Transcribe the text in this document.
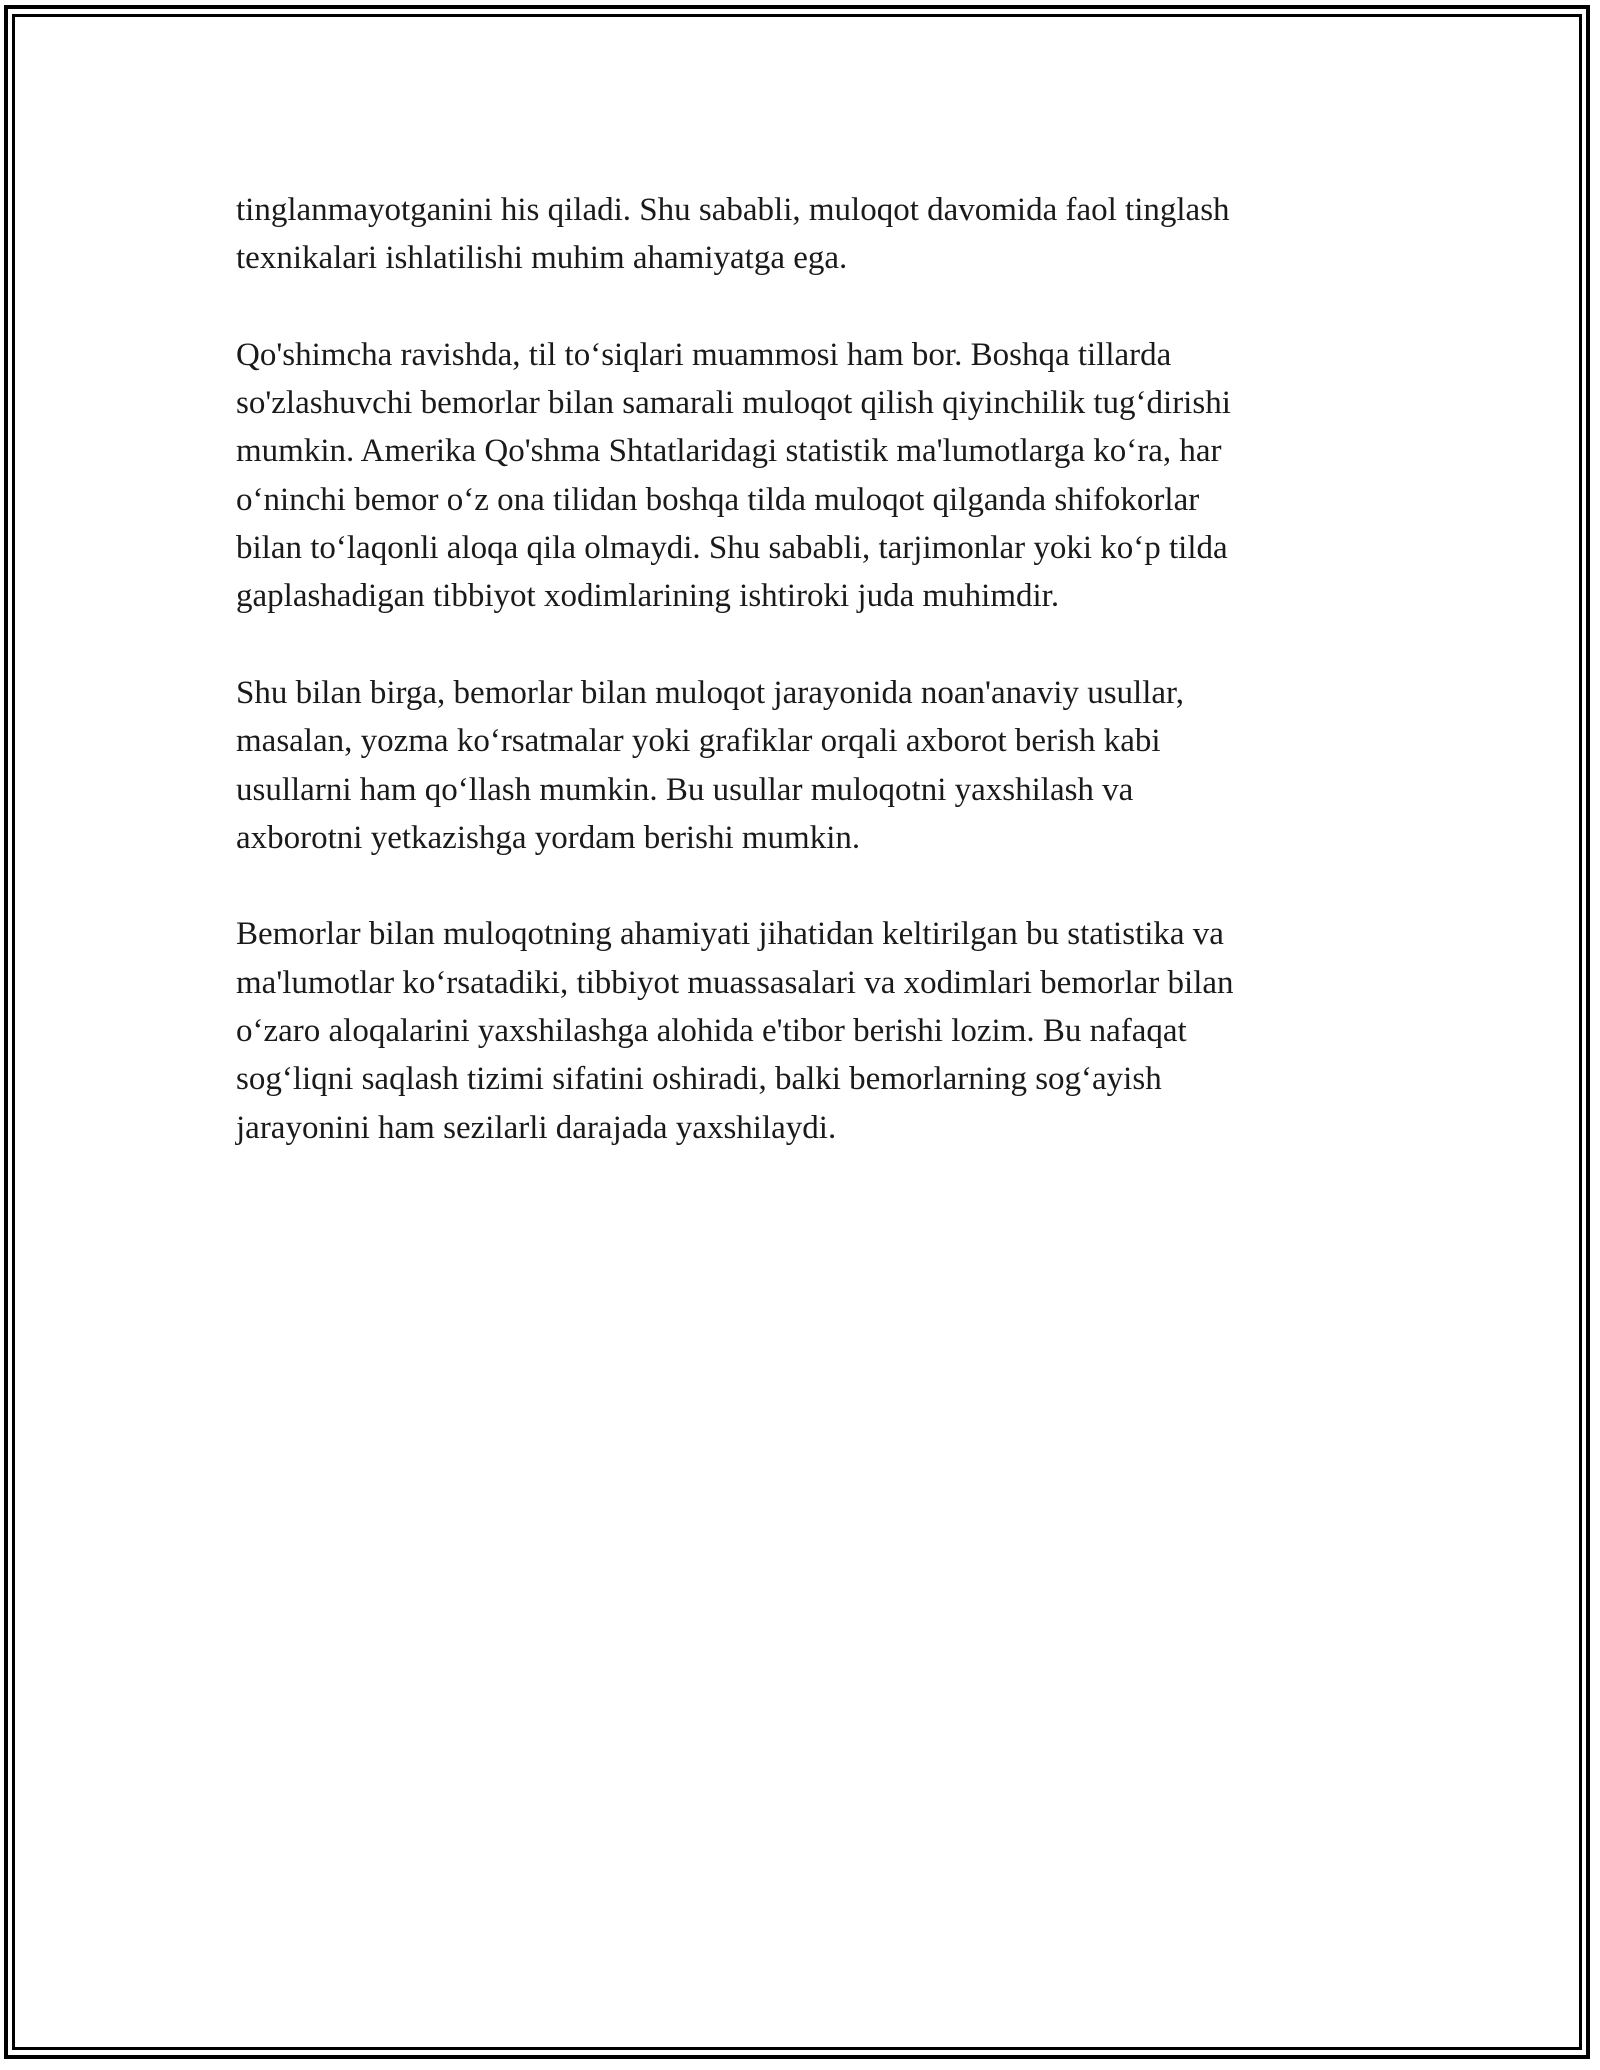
tinglanmayotganini his qiladi. Shu sababli, muloqot davomida faol tinglash
texnikalari ishlatilishi muhim ahamiyatga ega.

Qo'shimcha ravishda, til to‘siqlari muammosi ham bor. Boshqa tillarda
so'zlashuvchi bemorlar bilan samarali muloqot qilish qiyinchilik tug‘dirishi
mumkin. Amerika Qo'shma Shtatlaridagi statistik ma'lumotlarga ko‘ra, har
o‘ninchi bemor o‘z ona tilidan boshqa tilda muloqot qilganda shifokorlar
bilan to‘laqonli aloqa qila olmaydi. Shu sababli, tarjimonlar yoki ko‘p tilda
gaplashadigan tibbiyot xodimlarining ishtiroki juda muhimdir.

Shu bilan birga, bemorlar bilan muloqot jarayonida noan'anaviy usullar,
masalan, yozma ko‘rsatmalar yoki grafiklar orqali axborot berish kabi
usullarni ham qo‘llash mumkin. Bu usullar muloqotni yaxshilash va
axborotni yetkazishga yordam berishi mumkin.

Bemorlar bilan muloqotning ahamiyati jihatidan keltirilgan bu statistika va
ma'lumotlar ko‘rsatadiki, tibbiyot muassasalari va xodimlari bemorlar bilan
o‘zaro aloqalarini yaxshilashga alohida e'tibor berishi lozim. Bu nafaqat
sog‘liqni saqlash tizimi sifatini oshiradi, balki bemorlarning sog‘ayish
jarayonini ham sezilarli darajada yaxshilaydi.
